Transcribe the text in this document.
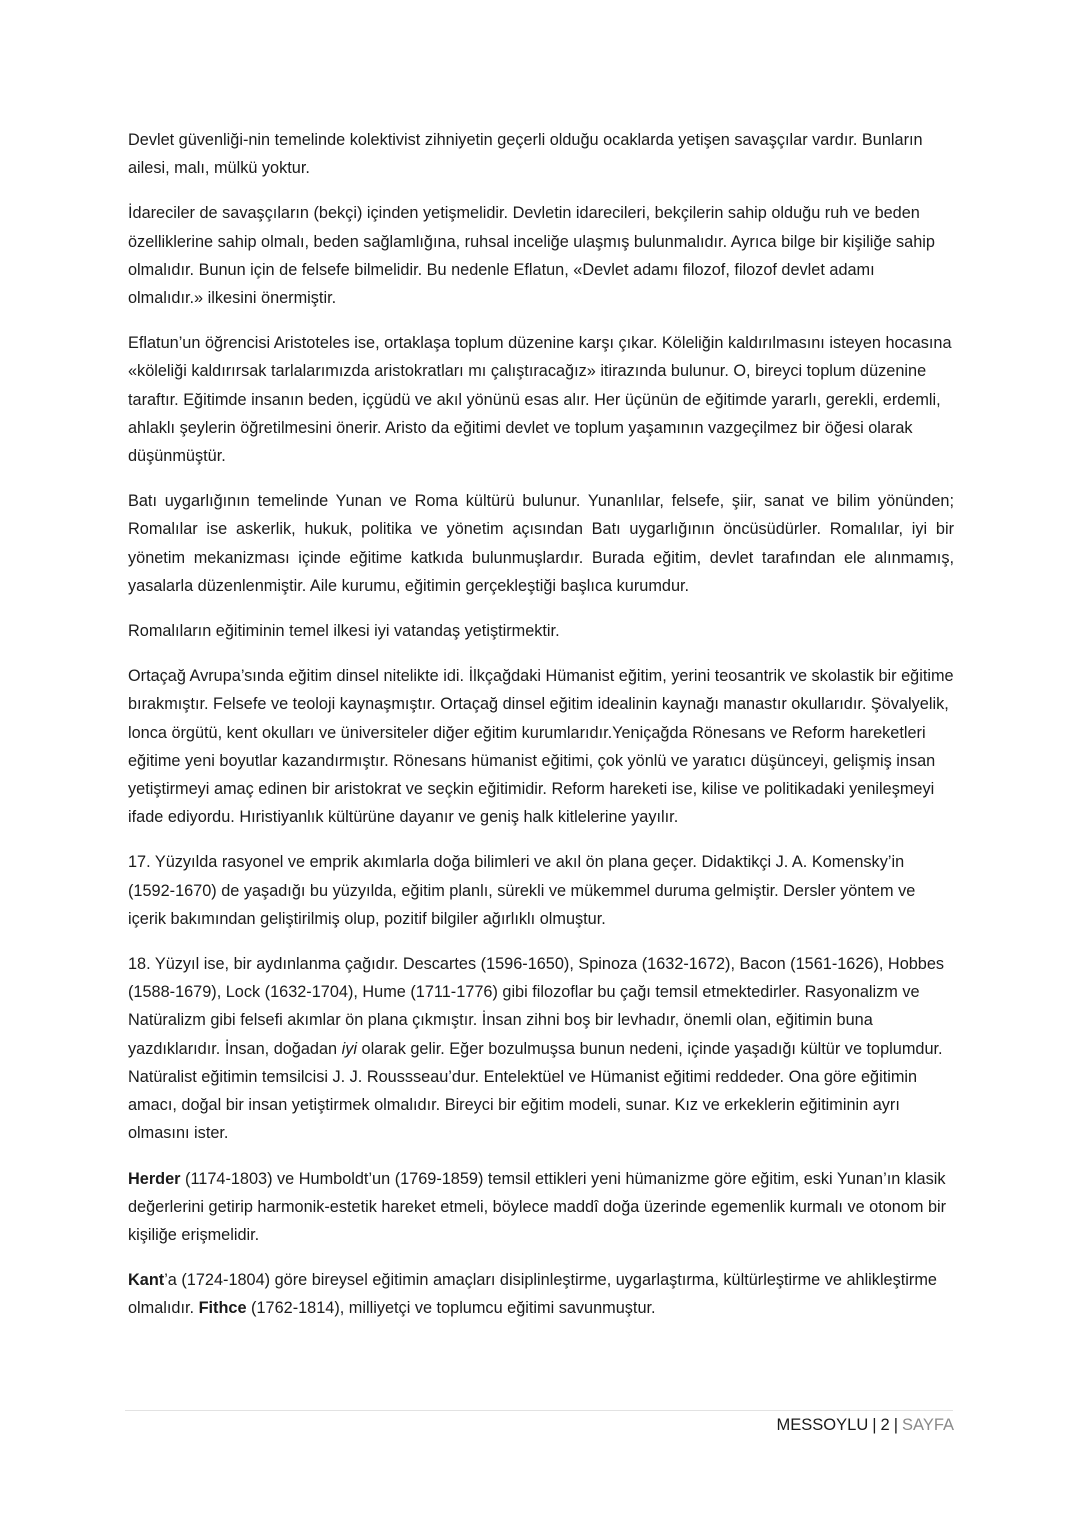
Devlet güvenliği-nin temelinde kolektivist zihniyetin geçerli olduğu ocaklarda yetişen savaşçılar vardır. Bunların ailesi, malı, mülkü yoktur.

İdareciler de savaşçıların (bekçi) içinden yetişmelidir. Devletin idarecileri, bekçilerin sahip olduğu ruh ve beden özelliklerine sahip olmalı, beden sağlamlığına, ruhsal inceliğe ulaşmış bulunmalıdır. Ayrıca bilge bir kişiliğe sahip olmalıdır. Bunun için de felsefe bilmelidir. Bu nedenle Eflatun, «Devlet adamı filozof, filozof devlet adamı olmalıdır.» ilkesini önermiştir.

Eflatun’un öğrencisi Aristoteles ise, ortaklaşa toplum düzenine karşı çıkar. Köleliğin kaldırılmasını isteyen hocasına «köleliği kaldırırsak tarlalarımızda aristokratları mı çalıştıracağız» itirazında bulunur. O, bireyci toplum düzenine taraftır. Eğitimde insanın beden, içgüdü ve akıl yönünü esas alır. Her üçünün de eğitimde yararlı, gerekli, erdemli, ahlaklı şeylerin öğretilmesini önerir. Aristo da eğitimi devlet ve toplum yaşamının vazgeçilmez bir öğesi olarak düşünmüştür.

Batı uygarlığının temelinde Yunan ve Roma kültürü bulunur. Yunanlılar, felsefe, şiir, sanat ve bilim yönünden; Romalılar ise askerlik, hukuk, politika ve yönetim açısından Batı uygarlığının öncüsüdürler. Romalılar, iyi bir yönetim mekanizması içinde eğitime katkıda bulunmuşlardır. Burada eğitim, devlet tarafından ele alınmamış, yasalarla düzenlenmiştir. Aile kurumu, eğitimin gerçekleştiği başlıca kurumdur.

Romalıların eğitiminin temel ilkesi iyi vatandaş yetiştirmektir.

Ortaçağ Avrupa’sında eğitim dinsel nitelikte idi. İlkçağdaki Hümanist eğitim, yerini teosantrik ve skolastik bir eğitime bırakmıştır. Felsefe ve teoloji kaynaşmıştır. Ortaçağ dinsel eğitim idealinin kaynağı manastır okullarıdır. Şövalyelik, lonca örgütü, kent okulları ve üniversiteler diğer eğitim kurumlarıdır.Yeniçağda Rönesans ve Reform hareketleri eğitime yeni boyutlar kazandırmıştır. Rönesans hümanist eğitimi, çok yönlü ve yaratıcı düşünceyi, gelişmiş insan yetiştirmeyi amaç edinen bir aristokrat ve seçkin eğitimidir. Reform hareketi ise, kilise ve politikadaki yenileşmeyi ifade ediyordu. Hıristiyanlık kültürüne dayanır ve geniş halk kitlelerine yayılır.

17. Yüzyılda rasyonel ve emprik akımlarla doğa bilimleri ve akıl ön plana geçer. Didaktikçi J. A. Komensky’in (1592-1670) de yaşadığı bu yüzyılda, eğitim planlı, sürekli ve mükemmel duruma gelmiştir. Dersler yöntem ve içerik bakımından geliştirilmiş olup, pozitif bilgiler ağırlıklı olmuştur.

18. Yüzyıl ise, bir aydınlanma çağıdır. Descartes (1596-1650), Spinoza (1632-1672), Bacon (1561-1626), Hobbes (1588-1679), Lock (1632-1704), Hume (1711-1776) gibi filozoflar bu çağı temsil etmektedirler. Rasyonalizm ve Natüralizm gibi felsefi akımlar ön plana çıkmıştır. İnsan zihni boş bir levhadır, önemli olan, eğitimin buna yazdıklarıdır. İnsan, doğadan iyi olarak gelir. Eğer bozulmuşsa bunun nedeni, içinde yaşadığı kültür ve toplumdur. Natüralist eğitimin temsilcisi J. J. Roussseau’dur. Entelektüel ve Hümanist eğitimi reddeder. Ona göre eğitimin amacı, doğal bir insan yetiştirmek olmalıdır. Bireyci bir eğitim modeli, sunar. Kız ve erkeklerin eğitiminin ayrı olmasını ister.

Herder (1174-1803) ve Humboldt’un (1769-1859) temsil ettikleri yeni hümanizme göre eğitim, eski Yunan’ın klasik değerlerini getirip harmonik-estetik hareket etmeli, böylece maddî doğa üzerinde egemenlik kurmalı ve otonom bir kişiliğe erişmelidir.

Kant’a (1724-1804) göre bireysel eğitimin amaçları disiplinleştirme, uygarlaştırma, kültürleştirme ve ahlikleştirme olmalıdır. Fithce (1762-1814), milliyetçi ve toplumcu eğitimi savunmuştur.

MESSOYLU | 2 | SAYFA
